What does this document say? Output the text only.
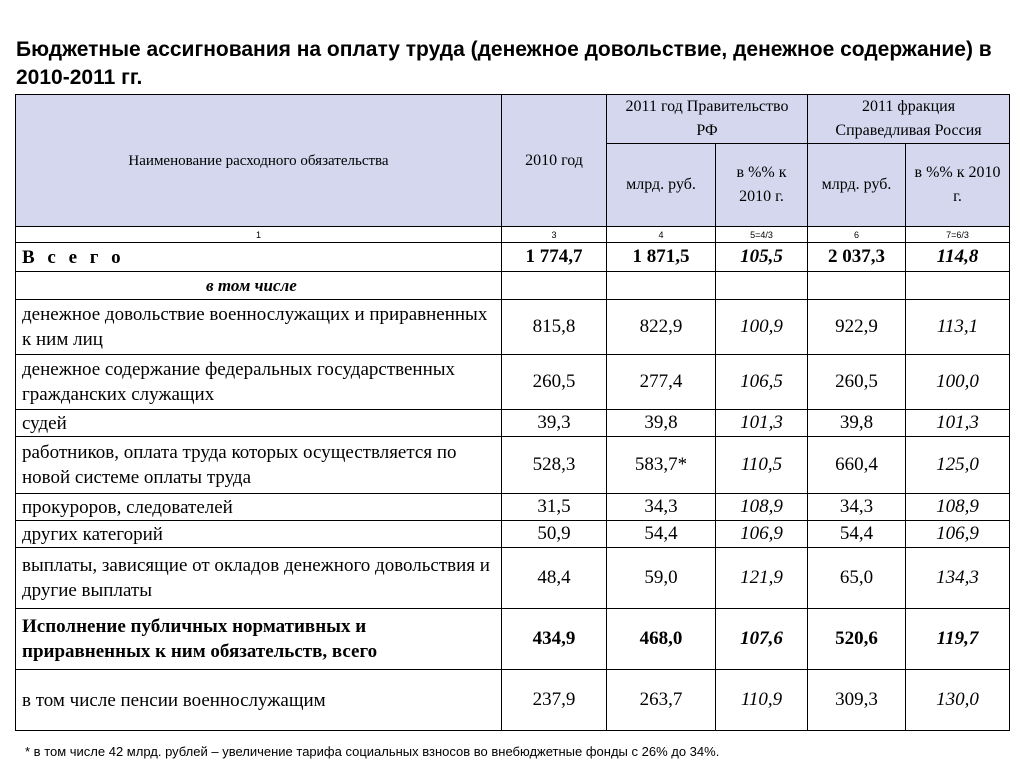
Бюджетные ассигнования на оплату труда (денежное довольствие, денежное содержание) в 2010-2011 гг.
Наименование расходного обязательства	2010 год	2011 год Правительство РФ		2011 фракция Справедливая Россия	
		млрд. руб.	в %% к 2010 г.	млрд. руб.	в %% к 2010 г.
1	3	4	5=4/3	6	7=6/3
В с е г о	1 774,7	1 871,5	105,5	2 037,3	114,8
в том числе					
денежное довольствие военнослужащих и приравненных к ним лиц	815,8	822,9	100,9	922,9	113,1
денежное содержание федеральных государственных гражданских служащих	260,5	277,4	106,5	260,5	100,0
судей	39,3	39,8	101,3	39,8	101,3
работников, оплата труда которых осуществляется по новой системе оплаты труда	528,3	583,7*	110,5	660,4	125,0
прокуроров, следователей	31,5	34,3	108,9	34,3	108,9
других категорий	50,9	54,4	106,9	54,4	106,9
выплаты, зависящие от окладов денежного довольствия и другие выплаты	48,4	59,0	121,9	65,0	134,3
Исполнение публичных нормативных и приравненных к ним обязательств, всего	434,9	468,0	107,6	520,6	119,7
в том числе пенсии военнослужащим	237,9	263,7	110,9	309,3	130,0
* в том числе 42 млрд. рублей – увеличение тарифа социальных взносов во внебюджетные фонды с 26% до 34%.
